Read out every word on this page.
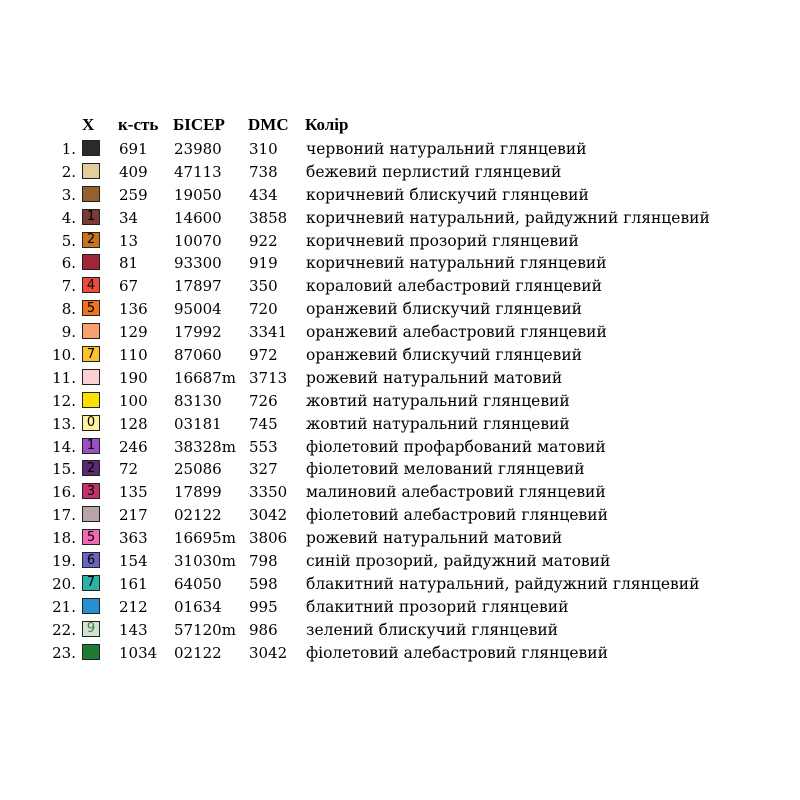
X к-сть БІСЕР DMC Колір
1.	691 23980 310 червоний натуральний глянцевий
2.	409 47113 738 бежевий перлистий глянцевий
3.	259 19050 434 коричневий блискучий глянцевий
4. 1 34 14600 3858 коричневий натуральний, райдужний глянцевий
5. 2 13 10070 922 коричневий прозорий глянцевий
6.	81 93300 919 коричневий натуральний глянцевий
7. 4 67 17897 350 кораловий алебастровий глянцевий
8. 5 136 95004 720 оранжевий блискучий глянцевий
9.	129 17992 3341 оранжевий алебастровий глянцевий
10. 7 110 87060 972 оранжевий блискучий глянцевий
11.	190 16687m 3713 рожевий натуральний матовий
12.	100 83130 726 жовтий натуральний глянцевий
13. 0 128 03181 745 жовтий натуральний глянцевий
14. 1 246 38328m 553 фіолетовий профарбований матовий
15. 2 72 25086 327 фіолетовий мелований глянцевий
16. 3 135 17899 3350 малиновий алебастровий глянцевий
17.	217 02122 3042 фіолетовий алебастровий глянцевий
18. 5 363 16695m 3806 рожевий натуральний матовий
19. 6 154 31030m 798 синій прозорий, райдужний матовий
20. 7 161 64050 598 блакитний натуральний, райдужний глянцевий
21.	212 01634 995 блакитний прозорий глянцевий
22. 9 143 57120m 986 зелений блискучий глянцевий
23.	1034 02122 3042 фіолетовий алебастровий глянцевий
